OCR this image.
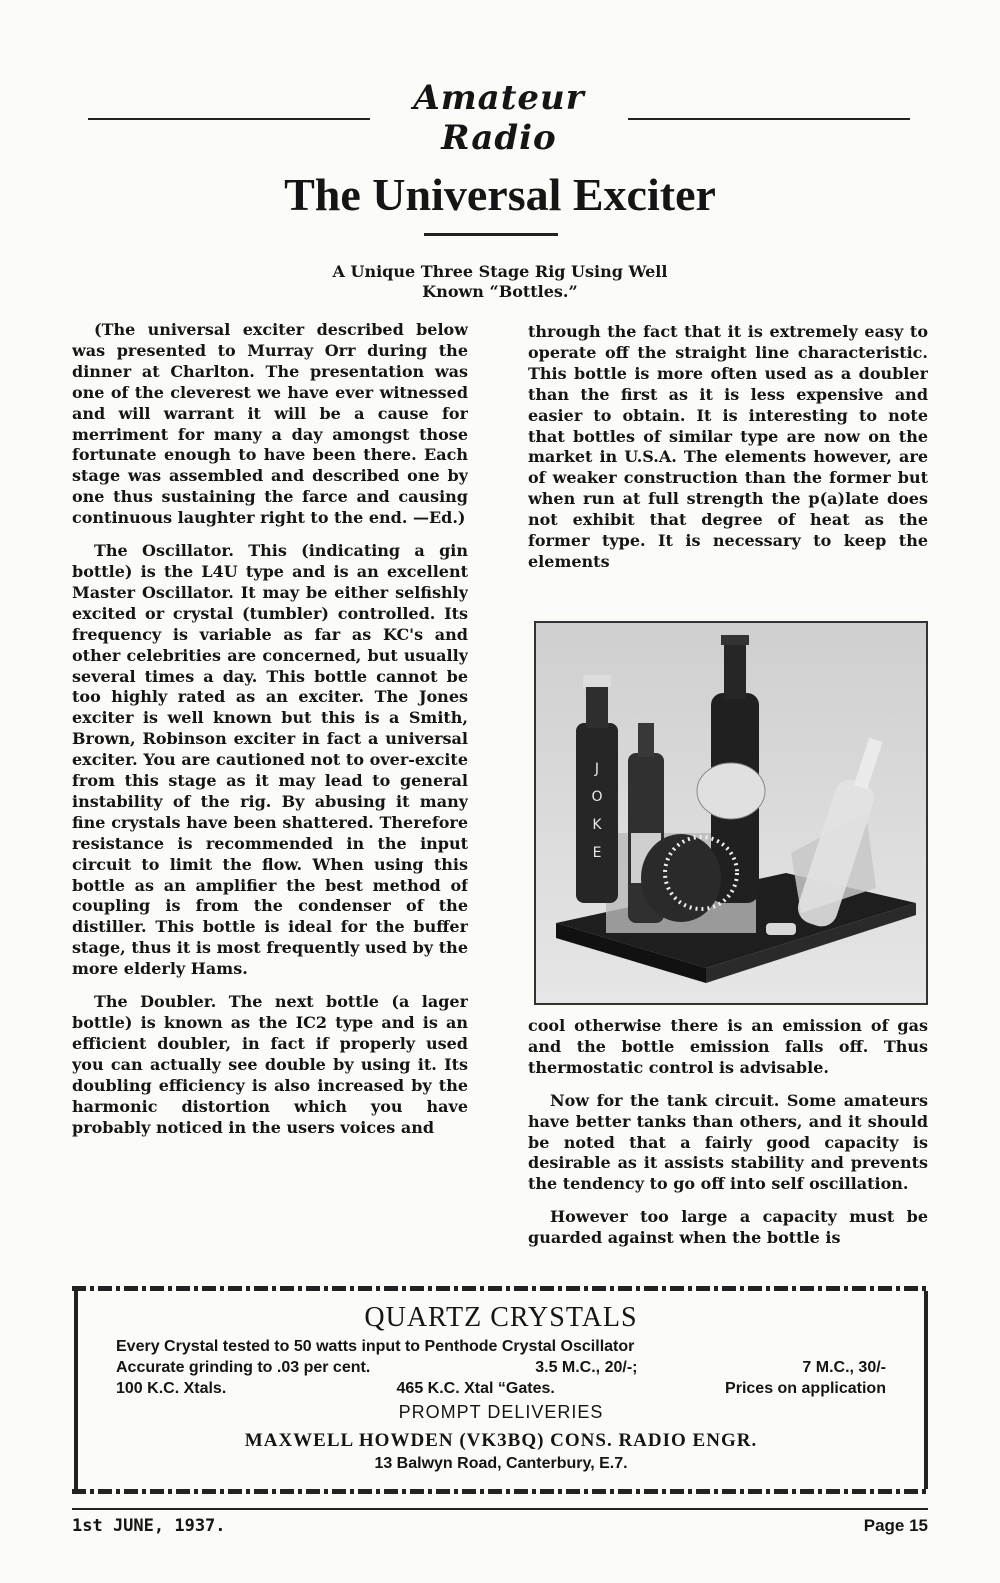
Amateur Radio
The Universal Exciter
A Unique Three Stage Rig Using Well
Known “Bottles.”

(The universal exciter described below was presented to Murray Orr during the dinner at Charlton. The presentation was one of the cleverest we have ever witnessed and will warrant it will be a cause for merriment for many a day amongst those fortunate enough to have been there. Each stage was assembled and described one by one thus sustaining the farce and causing continuous laughter right to the end. —Ed.)

The Oscillator. This (indicating a gin bottle) is the L4U type and is an excellent Master Oscillator. It may be either selfishly excited or crystal (tumbler) controlled. Its frequency is variable as far as KC's and other celebrities are concerned, but usually several times a day. This bottle cannot be too highly rated as an exciter. The Jones exciter is well known but this is a Smith, Brown, Robinson exciter in fact a universal exciter. You are cautioned not to over-excite from this stage as it may lead to general instability of the rig. By abusing it many fine crystals have been shattered. Therefore resistance is recommended in the input circuit to limit the flow. When using this bottle as an amplifier the best method of coupling is from the condenser of the distiller. This bottle is ideal for the buffer stage, thus it is most frequently used by the more elderly Hams.

The Doubler. The next bottle (a lager bottle) is known as the IC2 type and is an efficient doubler, in fact if properly used you can actually see double by using it. Its doubling efficiency is also increased by the harmonic distortion which you have probably noticed in the users voices and

through the fact that it is extremely easy to operate off the straight line characteristic. This bottle is more often used as a doubler than the first as it is less expensive and easier to obtain. It is interesting to note that bottles of similar type are now on the market in U.S.A. The elements however, are of weaker construction than the former but when run at full strength the p(a)late does not exhibit that degree of heat as the former type. It is necessary to keep the elements

J
O
K
E

cool otherwise there is an emission of gas and the bottle emission falls off. Thus thermostatic control is advisable.

Now for the tank circuit. Some amateurs have better tanks than others, and it should be noted that a fairly good capacity is desirable as it assists stability and prevents the tendency to go off into self oscillation.

However too large a capacity must be guarded against when the bottle is

QUARTZ CRYSTALS
Every Crystal tested to 50 watts input to Penthode Crystal Oscillator
Accurate grinding to .03 per cent.	3.5 M.C., 20/-;	7 M.C., 30/-
100 K.C. Xtals.	465 K.C. Xtal “Gates.	Prices on application
PROMPT DELIVERIES
MAXWELL HOWDEN (VK3BQ) CONS. RADIO ENGR.
13 Balwyn Road, Canterbury, E.7.
1st JUNE, 1937.	Page 15
